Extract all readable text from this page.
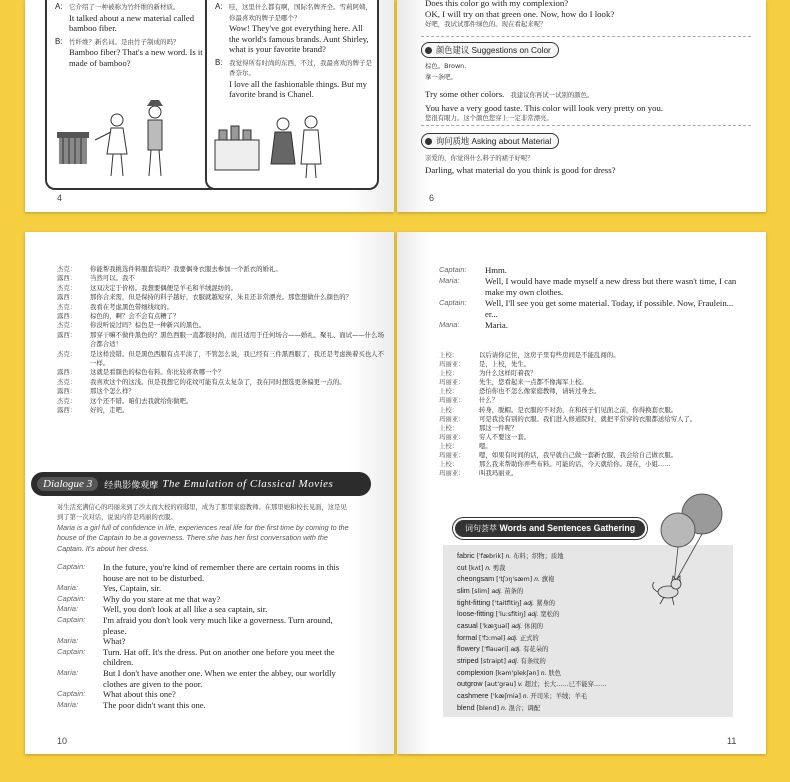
A: 它介绍了一种被称为竹纤维的新材质。
It talked about a new material called bamboo fiber.
B: 竹纤维？新名词。是由竹子制成的吗？
Bamboo fiber? That's a new word. Is it made of bamboo?
A: 哇，这里什么都有啊，国际名牌齐全。雪莉阿姨，你最喜欢的牌子是哪个？
Wow! They've got everything here. All the world's famous brands. Aunt Shirley, what is your favorite brand?
B: 我觉得所有时尚的东西，不过，我最喜欢的牌子是香奈尔。
I love all the fashionable things. But my favorite brand is Chanel.
4
Does this color go with my complexion?
OK, I will try on that green one. Now, how do I look?
好吧，我试试那件绿色的。现在看起来呢？
颜色建议 Suggestions on Color
棕色。Brown.
拿一条吧。
Try some other colors. 我建议你再试一试别的颜色。
You have a very good taste. This color will look very pretty on you.
您很有眼力。这个颜色您穿上一定非常漂亮。
询问质地 Asking about Material
亲爱的，你觉得什么料子的裙子好呢？
Darling, what material do you think is good for dress?
6
杰克：	你能帮我挑选件料服套装吗？我要偶身衣服去参加一个派衣的婚礼。
露西：	当然可以。我不
杰克：	这双决定于价格。我想要偶便是羊毛和羊绒混纺的。
露西：	那你合来需，但是保持的料子越好，衣服就越短穿，朱且还非常漂亮。那您想做什么颜色的？
杰克：	我看在考虑黑色带细线纹的。
露西：	棕色的，啊？会不会有点糟了？
杰克：	你没听说过吗？棕色是一种新兴的黑色。
露西：	那穿干嘛不做件黑色的？黑色西服一直都很时尚，而且适用于任何场合——婚礼、聚礼、面试——什么场合都合适！
杰克：	是这样没错。但是黑色西服有点平淡了，不管怎么说，我已经有三件黑西服了，我还是考虑换着买也人不一样。
露西：	这就是看颜色的棕色布料。你比较喜欢哪一个？
杰克：	我喜欢这个的这浅。但是我想它的花纹可能有点太复杂了，我在同时想选更条偏更一点的。
露西：	那这个怎么样？
杰克：	这个还不错。咱们去我就给你做吧。
露西：	好的，走吧。
10
Dialogue 3	经典影像观摩 The Emulation of Classical Movies
对生活充满信心的玛丽来到了沙太而大校的府邸里，成为了那里家庭教师。在那里她和校长见面，这是见到了第一次对话，说说内容是玛丽的衣服。
Maria is a girl full of confidence in life, experiences real life for the first time by coming to the house of the Captain to be a governess. There she has her first conversation with the Captain. It's about her dress.
Captain:	In the future, you're kind of remember there are certain rooms in this house are not to be disturbed.
Maria:	Yes, Captain, sir.
Captain:	Why do you stare at me that way?
Maria:	Well, you don't look at all like a sea captain, sir.
Captain:	I'm afraid you don't look very much like a governess. Turn around, please.
Maria:	What?
Captain:	Turn. Hat off. It's the dress. Put on another one before you meet the children.
Maria:	But I don't have another one. When we enter the abbey, our worldly clothes are given to the poor.
Captain:	What about this one?
Maria:	The poor didn't want this one.
Captain:	Hmm.
Maria:	Well, I would have made myself a new dress but there wasn't time, I can make my own clothes.
Captain:	Well, I'll see you get some material. Today, if possible. Now, Fraulein... er...
Maria:	Maria.
上校：	以后请你记住，这房子里有些房间是不能乱闯的。
玛丽亚：	是，上校，先生。
上校：	为什么这样盯着我？
玛丽亚：	先生，您看起来一点都不像海军上校。
上校：	恐怕你也不怎么像家庭教师，请转过身去。
玛丽亚：	什么？
上校：	转身，脱帽。是衣服的不对劲，在和孩子们见面之前，你得换套衣服。
玛丽亚：	可是我没有别的衣服。我们进入修道院时，就把平常穿的衣服都送给穷人了。
上校：	那这一件呢？
玛丽亚：	穷人不要这一套。
上校：	嗯。
玛丽亚：	嗯，如果有时间的话，我早就自己做一套新衣服，我会给自己做衣服。
上校：	那么我来帮助你弄些布料。可能的话，今天就给你。现在，小姐……
玛丽亚：	叫我玛丽亚。
11
词句荟萃 Words and Sentences Gathering
fabric ['fæbrik] n. 布料；织物；质地
cut [kʌt] n. 剪裁
cheongsam ['tʃɔŋ'sæm] n. 旗袍
slim [slim] adj. 苗条的
tight-fitting ['taitfitiŋ] adj. 紧身的
loose-fitting ['lu:sfitiŋ] adj. 宽松的
casual ['kæʒuəl] adj. 休闲的
formal ['fɔ:məl] adj. 正式的
flowery ['flauəri] adj. 有花朵的
striped [straipt] adj. 有条纹的
complexion [kəm'plekʃən] n. 肤色
outgrow [autˈgrəu] v. 超过；长大……已不能穿……
cashmere ['kæʃmiə] n. 开司米；羊绒；羊毛
blend [blend] n. 混合；调配
